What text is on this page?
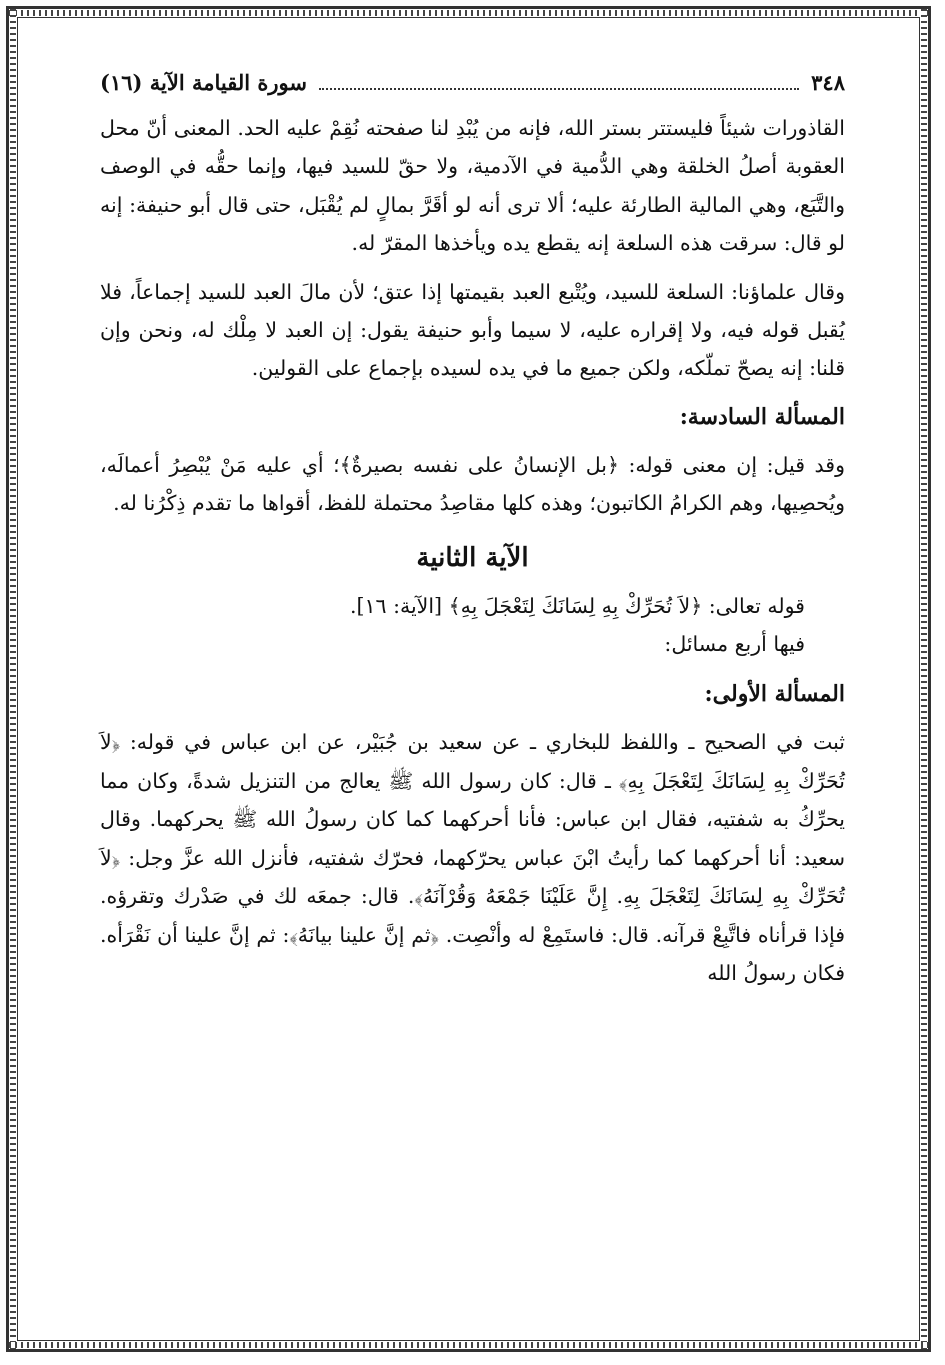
٣٤٨
سورة القيامة الآية (١٦)

القاذورات شيئاً فليستتر بستر الله، فإنه من يُبْدِ لنا صفحته نُقِمْ عليه الحد. المعنى أنّ محل العقوبة أصلُ الخلقة وهي الدُّمية في الآدمية، ولا حقّ للسيد فيها، وإنما حقُّه في الوصف والتَّبَع، وهي المالية الطارئة عليه؛ ألا ترى أنه لو أقَرَّ بمالٍ لم يُقْبَل، حتى قال أبو حنيفة: إنه لو قال: سرقت هذه السلعة إنه يقطع يده ويأخذها المقرّ له.

وقال علماؤنا: السلعة للسيد، ويُتْبع العبد بقيمتها إذا عتق؛ لأن مالَ العبد للسيد إجماعاً، فلا يُقبل قوله فيه، ولا إقراره عليه، لا سيما وأبو حنيفة يقول: إن العبد لا مِلْك له، ونحن وإن قلنا: إنه يصحّ تملّكه، ولكن جميع ما في يده لسيده بإجماع على القولين.

المسألة السادسة:

وقد قيل: إن معنى قوله: ﴿بل الإنسانُ على نفسه بصيرةٌ﴾؛ أي عليه مَنْ يُبْصِرُ أعمالَه، ويُحصِيها، وهم الكرامُ الكاتبون؛ وهذه كلها مقاصِدُ محتملة للفظ، أقواها ما تقدم ذِكْرُنا له.

الآية الثانية

قوله تعالى: ﴿لاَ تُحَرِّكْ بِهِ لِسَانَكَ لِتَعْجَلَ بِهِ﴾ [الآية: ١٦].

فيها أربع مسائل:

المسألة الأولى:

ثبت في الصحيح ـ واللفظ للبخاري ـ عن سعيد بن جُبَيْر، عن ابن عباس في قوله: ﴿لاَ تُحَرِّكْ بِهِ لِسَانَكَ لِتَعْجَلَ بِهِ﴾ ـ قال: كان رسول الله ﷺ يعالج من التنزيل شدةً، وكان مما يحرِّكُ به شفتيه، فقال ابن عباس: فأنا أحركهما كما كان رسولُ الله ﷺ يحركهما. وقال سعيد: أنا أحركهما كما رأيتُ ابْنَ عباس يحرّكهما، فحرّك شفتيه، فأنزل الله عزَّ وجل: ﴿لاَ تُحَرِّكْ بِهِ لِسَانَكَ لِتَعْجَلَ بِهِ. إِنَّ عَلَيْنَا جَمْعَهُ وَقُرْآنَهُ﴾. قال: جمعَه لك في صَدْرك وتقرؤه. فإذا قرأناه فاتَّبِعْ قرآنه. قال: فاستَمِعْ له وأنْصِت. ﴿ثم إنَّ علينا بيانَهُ﴾: ثم إنَّ علينا أن نَقْرَأه. فكان رسولُ الله
